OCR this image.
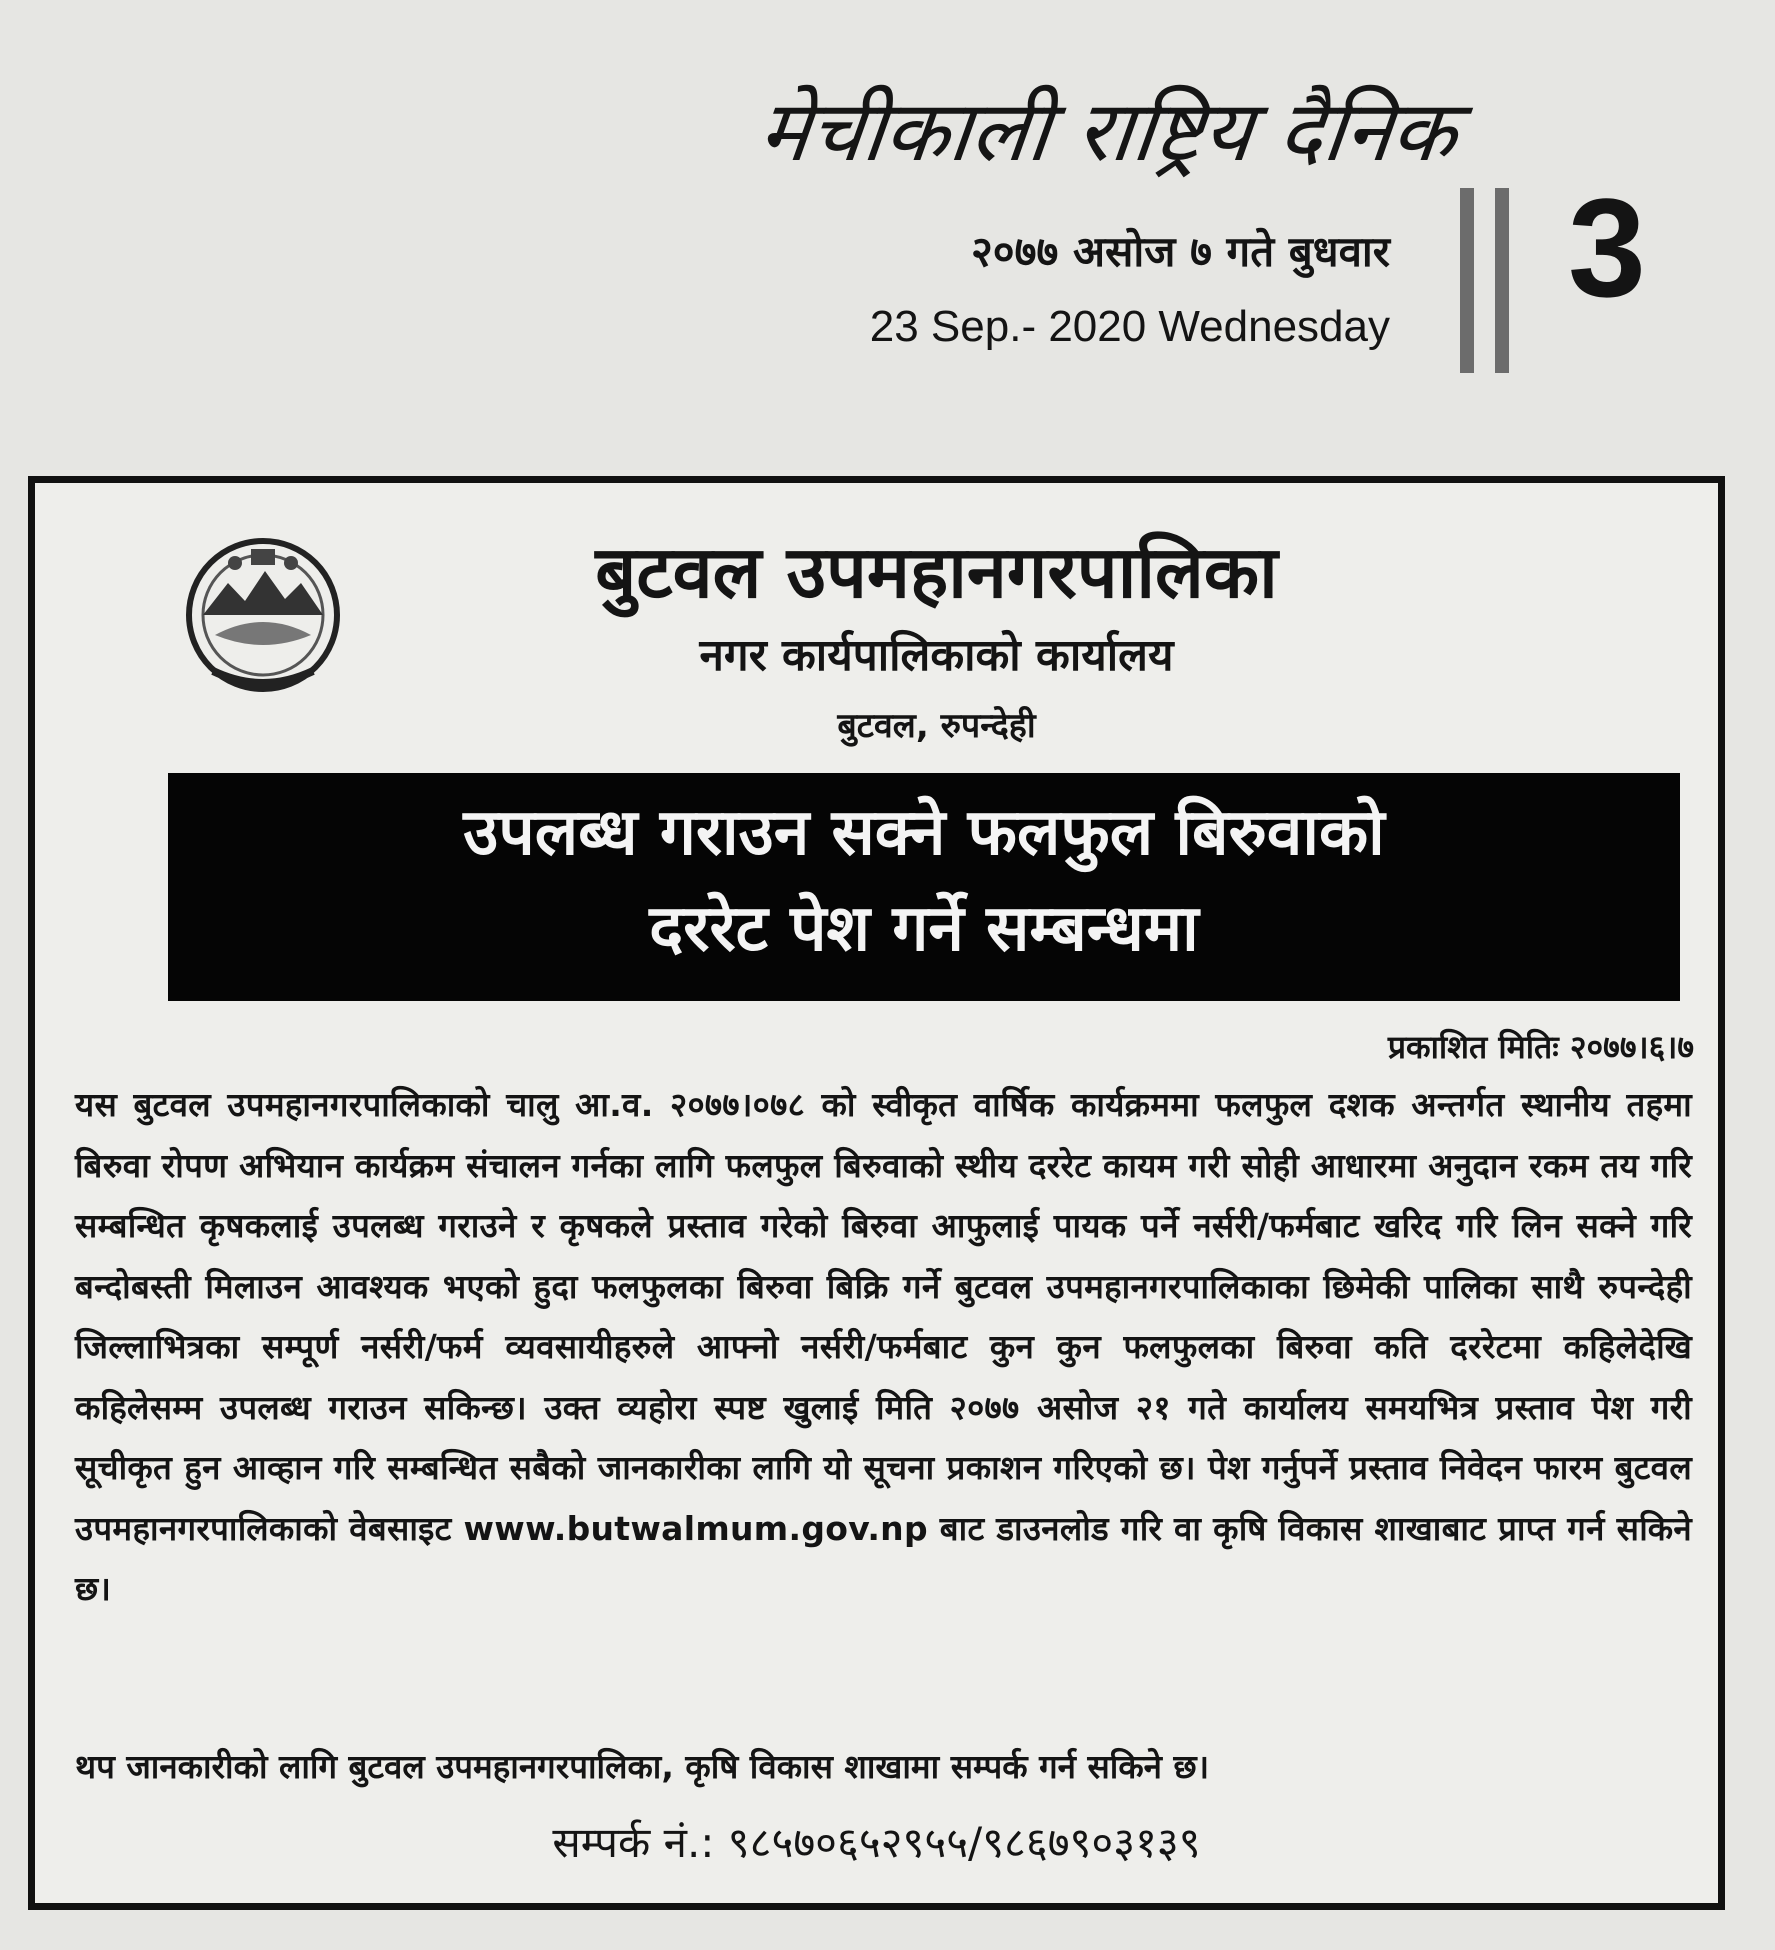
मेचीकाली राष्ट्रिय दैनिक
२०७७ असोज ७ गते बुधवार
23 Sep.- 2020 Wednesday
3
बुटवल उपमहानगरपालिका
नगर कार्यपालिकाको कार्यालय
बुटवल, रुपन्देही
उपलब्ध गराउन सक्ने फलफुल बिरुवाको
दररेट पेश गर्ने सम्बन्धमा
प्रकाशित मितिः २०७७।६।७
यस बुटवल उपमहानगरपालिकाको चालु आ.व. २०७७।०७८ को स्वीकृत वार्षिक कार्यक्रममा फलफुल दशक अन्तर्गत स्थानीय तहमा बिरुवा रोपण अभियान कार्यक्रम संचालन गर्नका लागि फलफुल बिरुवाको स्थीय दररेट कायम गरी सोही आधारमा अनुदान रकम तय गरि सम्बन्धित कृषकलाई उपलब्ध गराउने र कृषकले प्रस्ताव गरेको बिरुवा आफुलाई पायक पर्ने नर्सरी/फर्मबाट खरिद गरि लिन सक्ने गरि बन्दोबस्ती मिलाउन आवश्यक भएको हुदा फलफुलका बिरुवा बिक्रि गर्ने बुटवल उपमहानगरपालिकाका छिमेकी पालिका साथै रुपन्देही जिल्लाभित्रका सम्पूर्ण नर्सरी/फर्म व्यवसायीहरुले आफ्नो नर्सरी/फर्मबाट कुन कुन फलफुलका बिरुवा कति दररेटमा कहिलेदेखि कहिलेसम्म उपलब्ध गराउन सकिन्छ। उक्त व्यहोरा स्पष्ट खुलाई मिति २०७७ असोज २१ गते कार्यालय समयभित्र प्रस्ताव पेश गरी सूचीकृत हुन आव्हान गरि सम्बन्धित सबैको जानकारीका लागि यो सूचना प्रकाशन गरिएको छ। पेश गर्नुपर्ने प्रस्ताव निवेदन फारम बुटवल उपमहानगरपालिकाको वेबसाइट www.butwalmum.gov.np बाट डाउनलोड गरि वा कृषि विकास शाखाबाट प्राप्त गर्न सकिने छ।
थप जानकारीको लागि बुटवल उपमहानगरपालिका, कृषि विकास शाखामा सम्पर्क गर्न सकिने छ।
सम्पर्क नं.: ९८५७०६५२९५५/९८६७९०३१३९
